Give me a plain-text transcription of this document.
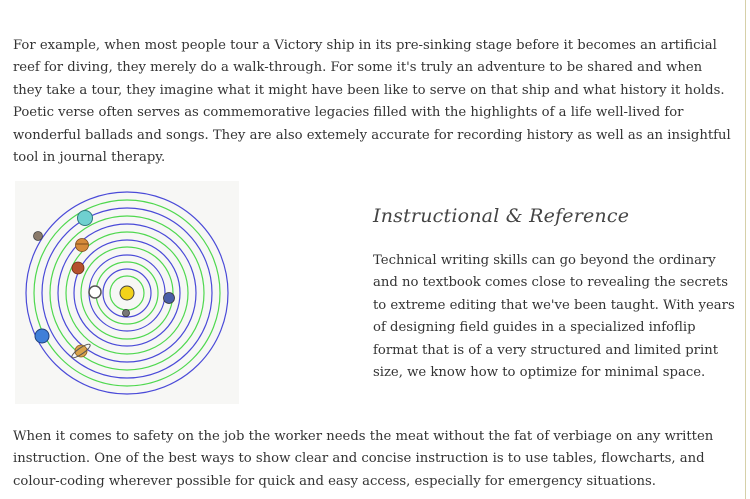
For example, when most people tour a Victory ship in its pre-sinking stage before it becomes an artificial reef for diving, they merely do a walk-through. For some it's truly an adventure to be shared and when they take a tour, they imagine what it might have been like to serve on that ship and what history it holds.
Poetic verse often serves as commemorative legacies filled with the highlights of a life well-lived for wonderful ballads and songs. They are also extemely accurate for recording history as well as an insightful tool in journal therapy.

Instructional & Reference

Technical writing skills can go beyond the ordinary and no textbook comes close to revealing the secrets to extreme editing that we've been taught. With years of designing field guides in a specialized infoflip format that is of a very structured and limited print size, we know how to optimize for minimal space.

When it comes to safety on the job the worker needs the meat without the fat of verbiage on any written instruction. One of the best ways to show clear and concise instruction is to use tables, flowcharts, and colour-coding wherever possible for quick and easy access, especially for emergency situations.
